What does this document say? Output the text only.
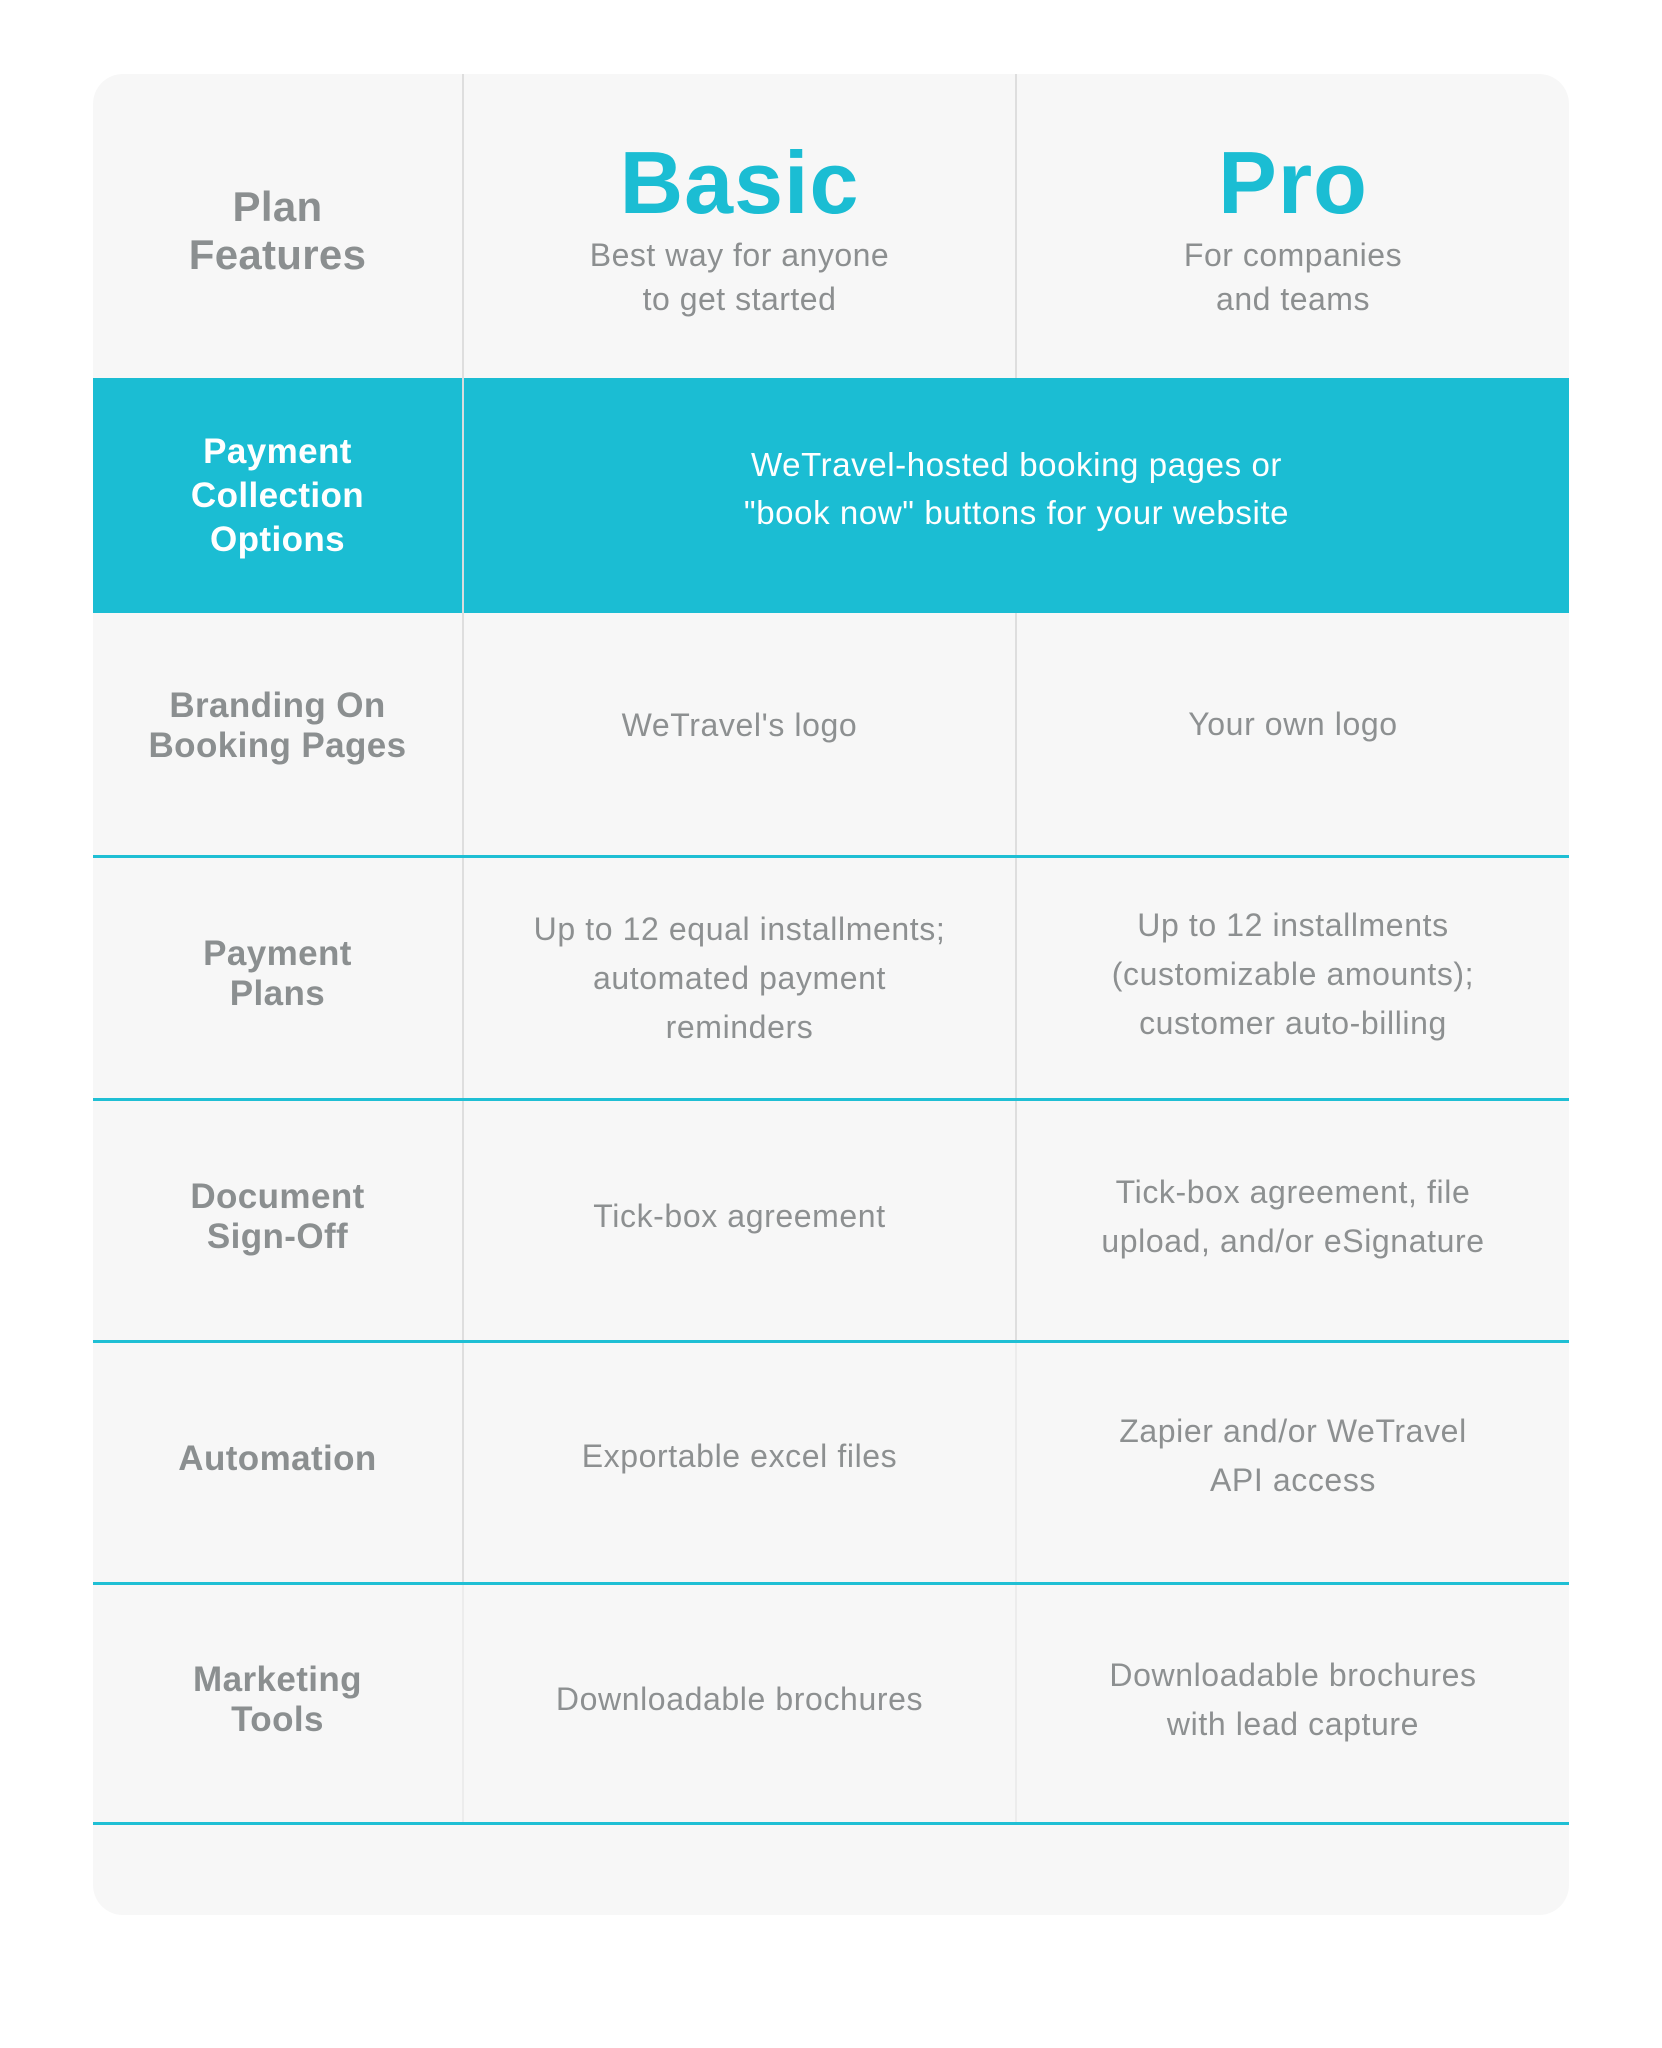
Plan
Features
Basic
Best way for anyone
to get started
Pro
For companies
and teams
Payment
Collection
Options
WeTravel-hosted booking pages or
"book now" buttons for your website
Branding On
Booking Pages
WeTravel's logo	Your own logo
Payment
Plans
Up to 12 equal installments;
automated payment
reminders
Up to 12 installments
(customizable amounts);
customer auto-billing
Document
Sign-Off
Tick-box agreement
Tick-box agreement, file
upload, and/or eSignature
Automation	Exportable excel files
Zapier and/or WeTravel
API access
Marketing
Tools
Downloadable brochures
Downloadable brochures
with lead capture
